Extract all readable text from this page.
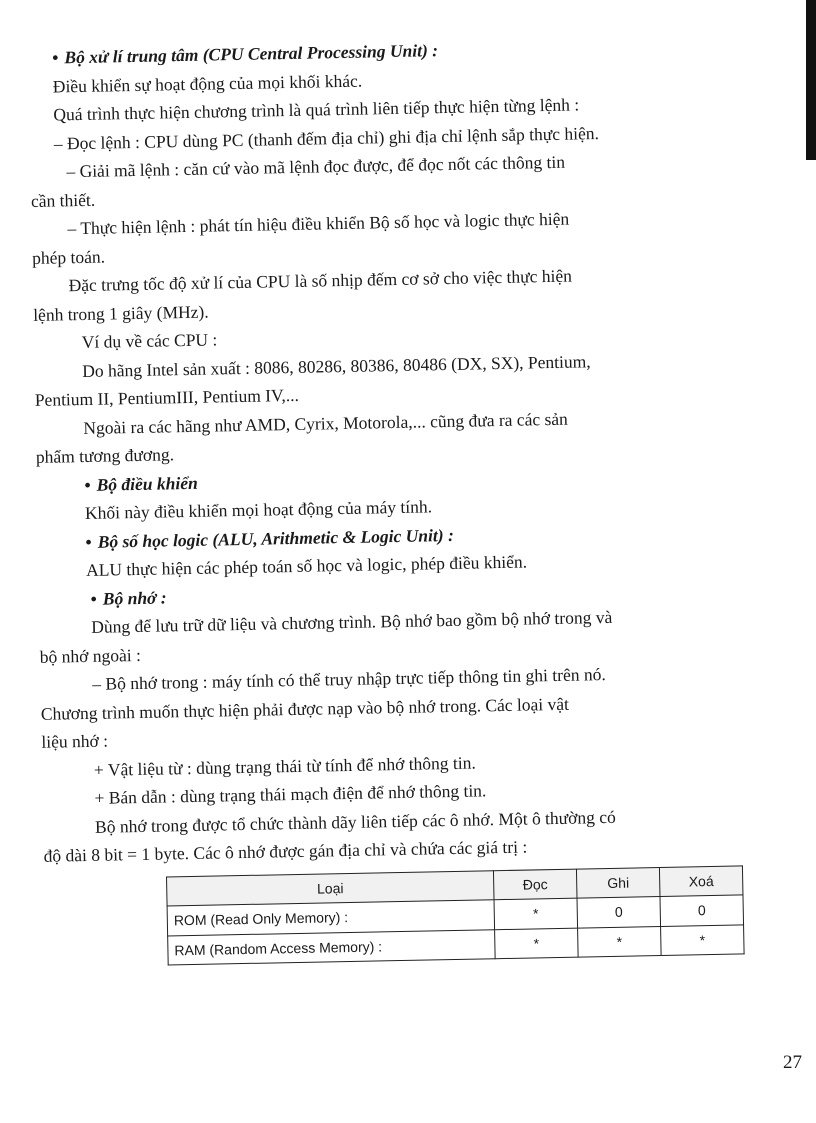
• Bộ xử lí trung tâm (CPU Central Processing Unit) :
Điều khiển sự hoạt động của mọi khối khác.
Quá trình thực hiện chương trình là quá trình liên tiếp thực hiện từng lệnh :
– Đọc lệnh : CPU dùng PC (thanh đếm địa chỉ) ghi địa chỉ lệnh sắp thực hiện.
– Giải mã lệnh : căn cứ vào mã lệnh đọc được, để đọc nốt các thông tin
cần thiết.
– Thực hiện lệnh : phát tín hiệu điều khiển Bộ số học và logic thực hiện
phép toán.
Đặc trưng tốc độ xử lí của CPU là số nhịp đếm cơ sở cho việc thực hiện
lệnh trong 1 giây (MHz).
Ví dụ về các CPU :
Do hãng Intel sản xuất : 8086, 80286, 80386, 80486 (DX, SX), Pentium,
Pentium II, PentiumIII, Pentium IV,...
Ngoài ra các hãng như AMD, Cyrix, Motorola,... cũng đưa ra các sản
phẩm tương đương.
• Bộ điều khiển
Khối này điều khiển mọi hoạt động của máy tính.
• Bộ số học logic (ALU, Arithmetic & Logic Unit) :
ALU thực hiện các phép toán số học và logic, phép điều khiển.
• Bộ nhớ :
Dùng để lưu trữ dữ liệu và chương trình. Bộ nhớ bao gồm bộ nhớ trong và
bộ nhớ ngoài :
– Bộ nhớ trong : máy tính có thể truy nhập trực tiếp thông tin ghi trên nó.
Chương trình muốn thực hiện phải được nạp vào bộ nhớ trong. Các loại vật
liệu nhớ :
+ Vật liệu từ : dùng trạng thái từ tính để nhớ thông tin.
+ Bán dẫn : dùng trạng thái mạch điện để nhớ thông tin.
Bộ nhớ trong được tổ chức thành dãy liên tiếp các ô nhớ. Một ô thường có
độ dài 8 bit = 1 byte. Các ô nhớ được gán địa chỉ và chứa các giá trị :
Loại	Đọc	Ghi	Xoá
ROM (Read Only Memory) :	*	0	0
RAM (Random Access Memory) :	*	*	*
27
